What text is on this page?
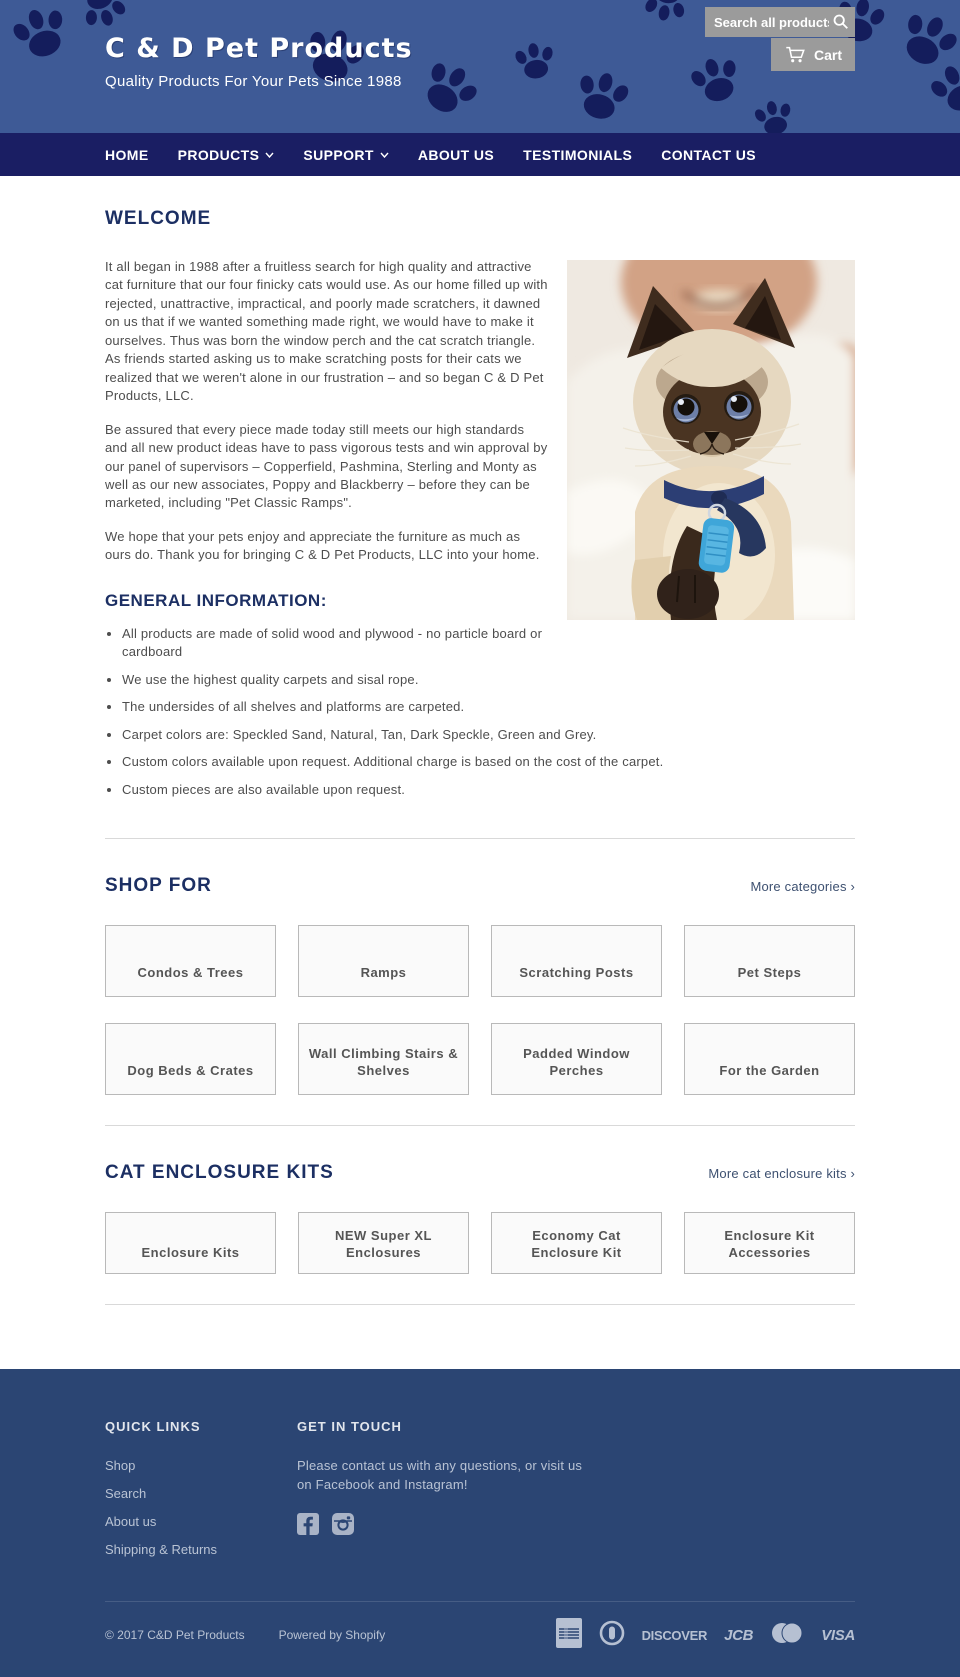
C & D Pet Products
Quality Products For Your Pets Since 1988
Search all products...
Cart
HOME PRODUCTS	SUPPORT	ABOUT US TESTIMONIALS CONTACT US
WELCOME

It all began in 1988 after a fruitless search for high quality and attractive cat furniture that our four finicky cats would use. As our home filled up with rejected, unattractive, impractical, and poorly made scratchers, it dawned on us that if we wanted something made right, we would have to make it ourselves. Thus was born the window perch and the cat scratch triangle. As friends started asking us to make scratching posts for their cats we realized that we weren't alone in our frustration – and so began C & D Pet Products, LLC.

Be assured that every piece made today still meets our high standards and all new product ideas have to pass vigorous tests and win approval by our panel of supervisors – Copperfield, Pashmina, Sterling and Monty as well as our new associates, Poppy and Blackberry – before they can be marketed, including "Pet Classic Ramps".

We hope that your pets enjoy and appreciate the furniture as much as ours do. Thank you for bringing C & D Pet Products, LLC into your home.

GENERAL INFORMATION:
• All products are made of solid wood and plywood - no particle board or cardboard
• We use the highest quality carpets and sisal rope.
• The undersides of all shelves and platforms are carpeted.
• Carpet colors are: Speckled Sand, Natural, Tan, Dark Speckle, Green and Grey.
• Custom colors available upon request. Additional charge is based on the cost of the carpet.
• Custom pieces are also available upon request.
SHOP FOR	More categories ›
Condos & Trees	Ramps	Scratching Posts	Pet Steps
Dog Beds & Crates
Wall Climbing Stairs & Shelves
Padded Window Perches	For the Garden
CAT ENCLOSURE KITS	More cat enclosure kits ›
Enclosure Kits
NEW Super XL Enclosures
Economy Cat Enclosure Kit
Enclosure Kit Accessories
QUICK LINKS
Shop
Search
About us
Shipping & Returns
GET IN TOUCH

Please contact us with any questions, or visit us on Facebook and Instagram!

© 2017 C&D Pet Products	Powered by Shopify	DISCOVER JCB	VISA
